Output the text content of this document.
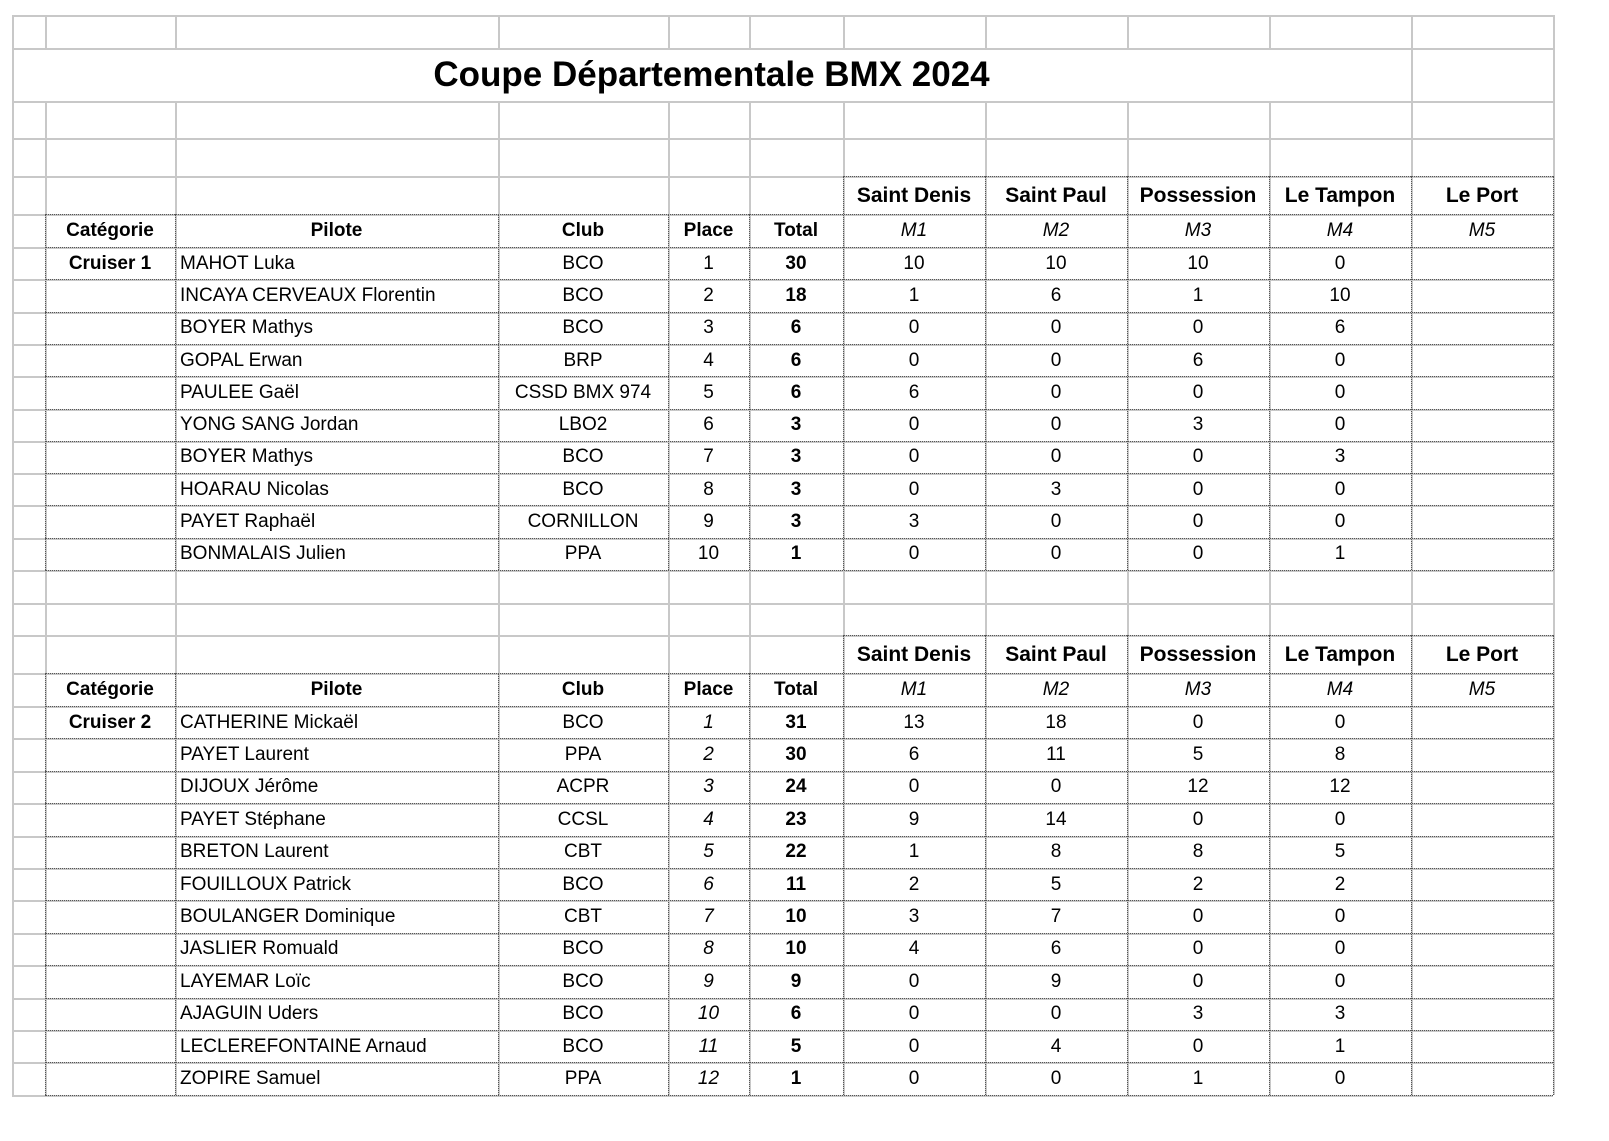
Coupe Départementale BMX 2024
Saint Denis	Saint Paul	Possession	Le Tampon	Le Port
Catégorie	Pilote	Club	Place	Total	M1	M2	M3	M4	M5
Cruiser 1	MAHOT Luka	BCO	1	30	10	10	10	0
INCAYA CERVEAUX Florentin	BCO	2	18	1	6	1	10
BOYER Mathys	BCO	3	6	0	0	0	6
GOPAL Erwan	BRP	4	6	0	0	6	0
PAULEE Gaël	CSSD BMX 974	5	6	6	0	0	0
YONG SANG Jordan	LBO2	6	3	0	0	3	0
BOYER Mathys	BCO	7	3	0	0	0	3
HOARAU Nicolas	BCO	8	3	0	3	0	0
PAYET Raphaël	CORNILLON	9	3	3	0	0	0
BONMALAIS Julien	PPA	10	1	0	0	0	1
Saint Denis	Saint Paul	Possession	Le Tampon	Le Port
Catégorie	Pilote	Club	Place	Total	M1	M2	M3	M4	M5
Cruiser 2	CATHERINE Mickaël	BCO	1	31	13	18	0	0
PAYET Laurent	PPA	2	30	6	11	5	8
DIJOUX Jérôme	ACPR	3	24	0	0	12	12
PAYET Stéphane	CCSL	4	23	9	14	0	0
BRETON Laurent	CBT	5	22	1	8	8	5
FOUILLOUX Patrick	BCO	6	11	2	5	2	2
BOULANGER Dominique	CBT	7	10	3	7	0	0
JASLIER Romuald	BCO	8	10	4	6	0	0
LAYEMAR Loïc	BCO	9	9	0	9	0	0
AJAGUIN Uders	BCO	10	6	0	0	3	3
LECLEREFONTAINE Arnaud	BCO	11	5	0	4	0	1
ZOPIRE Samuel	PPA	12	1	0	0	1	0
